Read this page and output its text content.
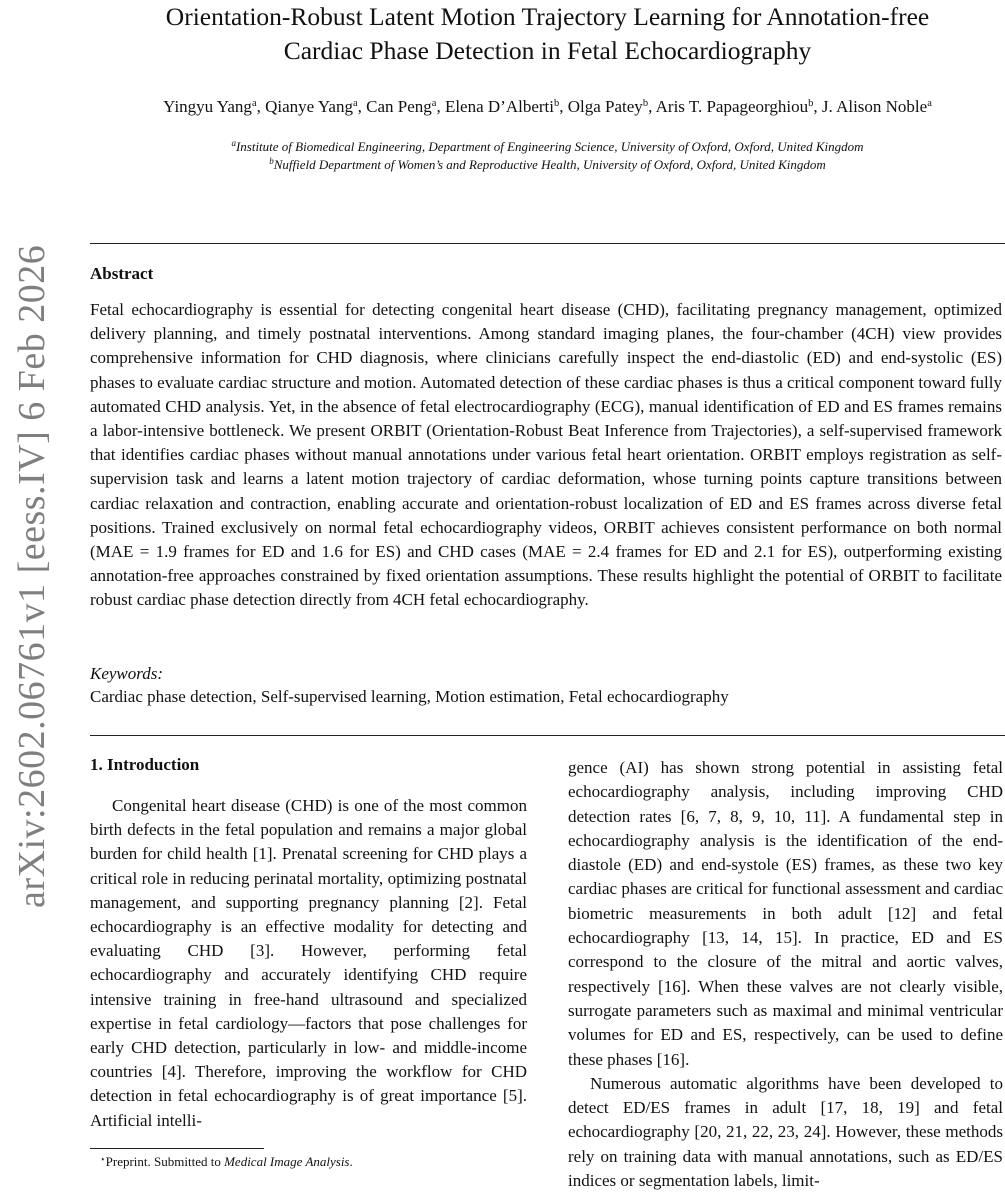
arXiv:2602.06761v1 [eess.IV] 6 Feb 2026
Orientation-Robust Latent Motion Trajectory Learning for Annotation-free
Cardiac Phase Detection in Fetal Echocardiography
Yingyu Yang$^a$, Qianye Yang$^a$, Can Peng$^a$, Elena D’Alberti$^b$, Olga Patey$^b$, Aris T. Papageorghiou$^b$, J. Alison Noble$^a$
$^a$Institute of Biomedical Engineering, Department of Engineering Science, University of Oxford, Oxford, United Kingdom
$^b$Nuffield Department of Women’s and Reproductive Health, University of Oxford, Oxford, United Kingdom
Abstract
Fetal echocardiography is essential for detecting congenital heart disease (CHD), facilitating pregnancy management, optimized delivery planning, and timely postnatal interventions. Among standard imaging planes, the four-chamber (4CH) view provides comprehensive information for CHD diagnosis, where clinicians carefully inspect the end-diastolic (ED) and end-systolic (ES) phases to evaluate cardiac structure and motion. Automated detection of these cardiac phases is thus a critical component toward fully automated CHD analysis. Yet, in the absence of fetal electrocardiography (ECG), manual identification of ED and ES frames remains a labor-intensive bottleneck. We present ORBIT (Orientation-Robust Beat Inference from Trajectories), a self-supervised framework that identifies cardiac phases without manual annotations under various fetal heart orientation. ORBIT employs registration as self-supervision task and learns a latent motion trajectory of cardiac deformation, whose turning points capture transitions between cardiac relaxation and contraction, enabling accurate and orientation-robust localization of ED and ES frames across diverse fetal positions. Trained exclusively on normal fetal echocardiography videos, ORBIT achieves consistent performance on both normal (MAE = 1.9 frames for ED and 1.6 for ES) and CHD cases (MAE = 2.4 frames for ED and 2.1 for ES), outperforming existing annotation-free approaches constrained by fixed orientation assumptions. These results highlight the potential of ORBIT to facilitate robust cardiac phase detection directly from 4CH fetal echocardiography.
Keywords:
Cardiac phase detection, Self-supervised learning, Motion estimation, Fetal echocardiography
1. Introduction

Congenital heart disease (CHD) is one of the most common birth defects in the fetal population and remains a major global burden for child health [1]. Prenatal screening for CHD plays a critical role in reducing perinatal mortality, optimizing postnatal management, and supporting pregnancy planning [2]. Fetal echocardiography is an effective modality for detecting and evaluating CHD [3]. However, performing fetal echocardiography and accurately identifying CHD require intensive training in free-hand ultrasound and specialized expertise in fetal cardiology—factors that pose challenges for early CHD detection, particularly in low- and middle-income countries [4]. Therefore, improving the workflow for CHD detection in fetal echocardiography is of great importance [5]. Artificial intelli-

gence (AI) has shown strong potential in assisting fetal echocardiography analysis, including improving CHD detection rates [6, 7, 8, 9, 10, 11]. A fundamental step in echocardiography analysis is the identification of the end-diastole (ED) and end-systole (ES) frames, as these two key cardiac phases are critical for functional assessment and cardiac biometric measurements in both adult [12] and fetal echocardiography [13, 14, 15]. In practice, ED and ES correspond to the closure of the mitral and aortic valves, respectively [16]. When these valves are not clearly visible, surrogate parameters such as maximal and minimal ventricular volumes for ED and ES, respectively, can be used to define these phases [16].

Numerous automatic algorithms have been developed to detect ED/ES frames in adult [17, 18, 19] and fetal echocardiography [20, 21, 22, 23, 24]. However, these methods rely on training data with manual annotations, such as ED/ES indices or segmentation labels, limit-

⋆Preprint. Submitted to Medical Image Analysis.
